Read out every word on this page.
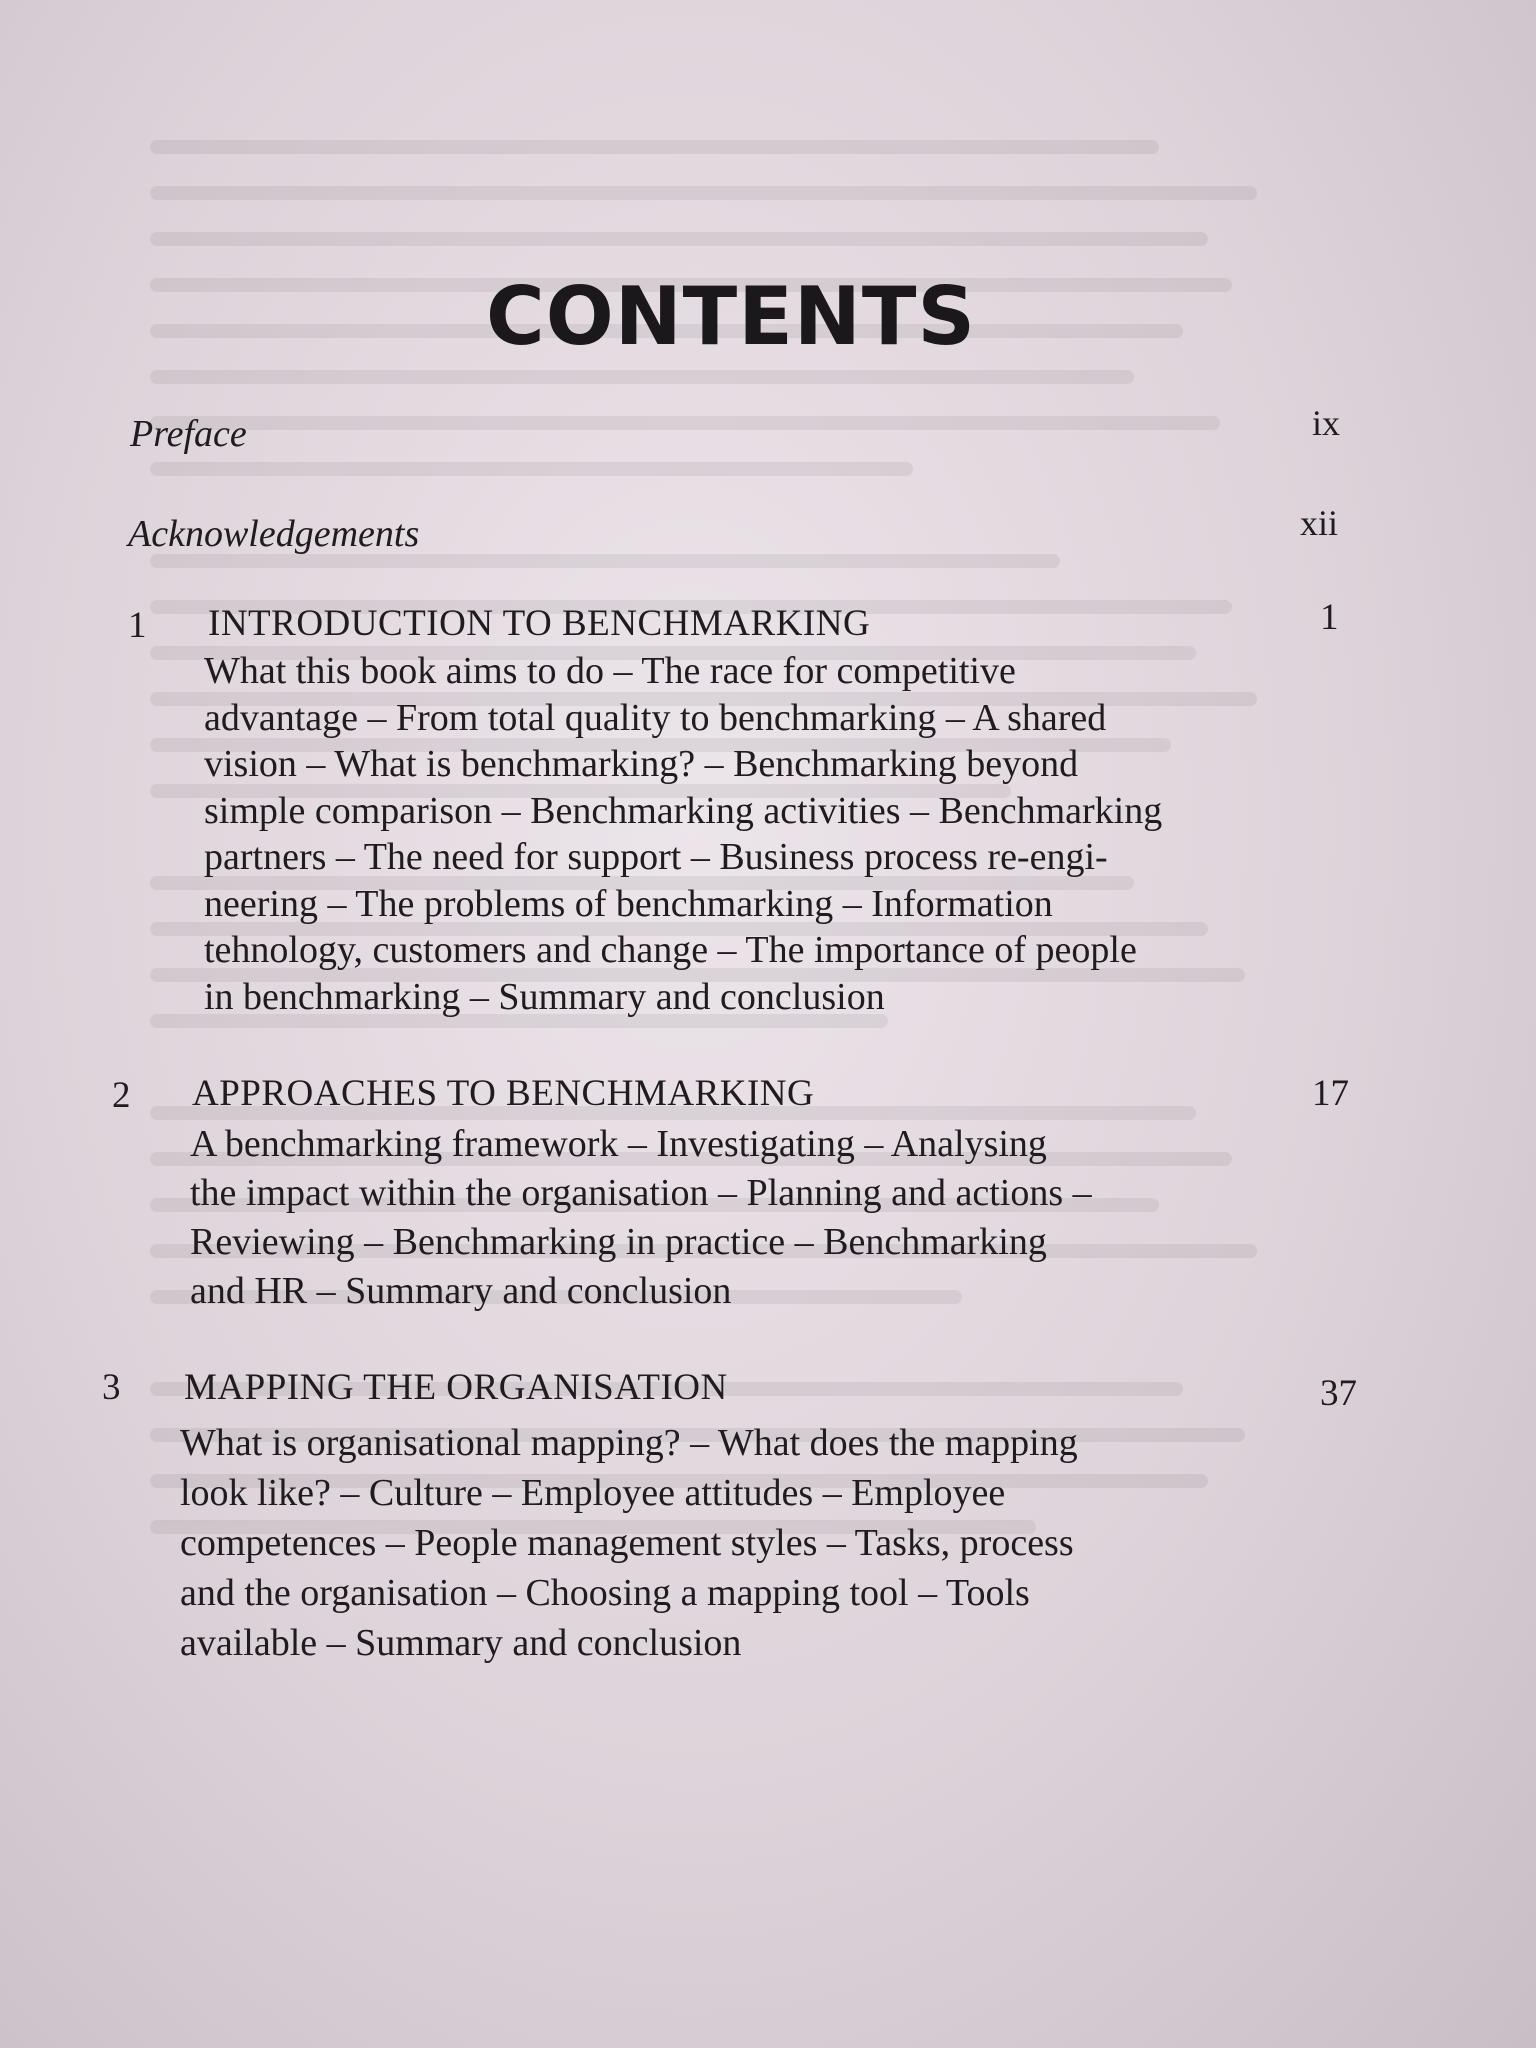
CONTENTS
Preface	ix
Acknowledgements	xii
1 INTRODUCTION TO BENCHMARKING	1
What this book aims to do – The race for competitive
advantage – From total quality to benchmarking – A shared
vision – What is benchmarking? – Benchmarking beyond
simple comparison – Benchmarking activities – Benchmarking
partners – The need for support – Business process re-engi-
neering – The problems of benchmarking – Information
tehnology, customers and change – The importance of people
in benchmarking – Summary and conclusion
2 APPROACHES TO BENCHMARKING	17
A benchmarking framework – Investigating – Analysing
the impact within the organisation – Planning and actions –
Reviewing – Benchmarking in practice – Benchmarking
and HR – Summary and conclusion
3 MAPPING THE ORGANISATION	37
What is organisational mapping? – What does the mapping
look like? – Culture – Employee attitudes – Employee
competences – People management styles – Tasks, process
and the organisation – Choosing a mapping tool – Tools
available – Summary and conclusion
